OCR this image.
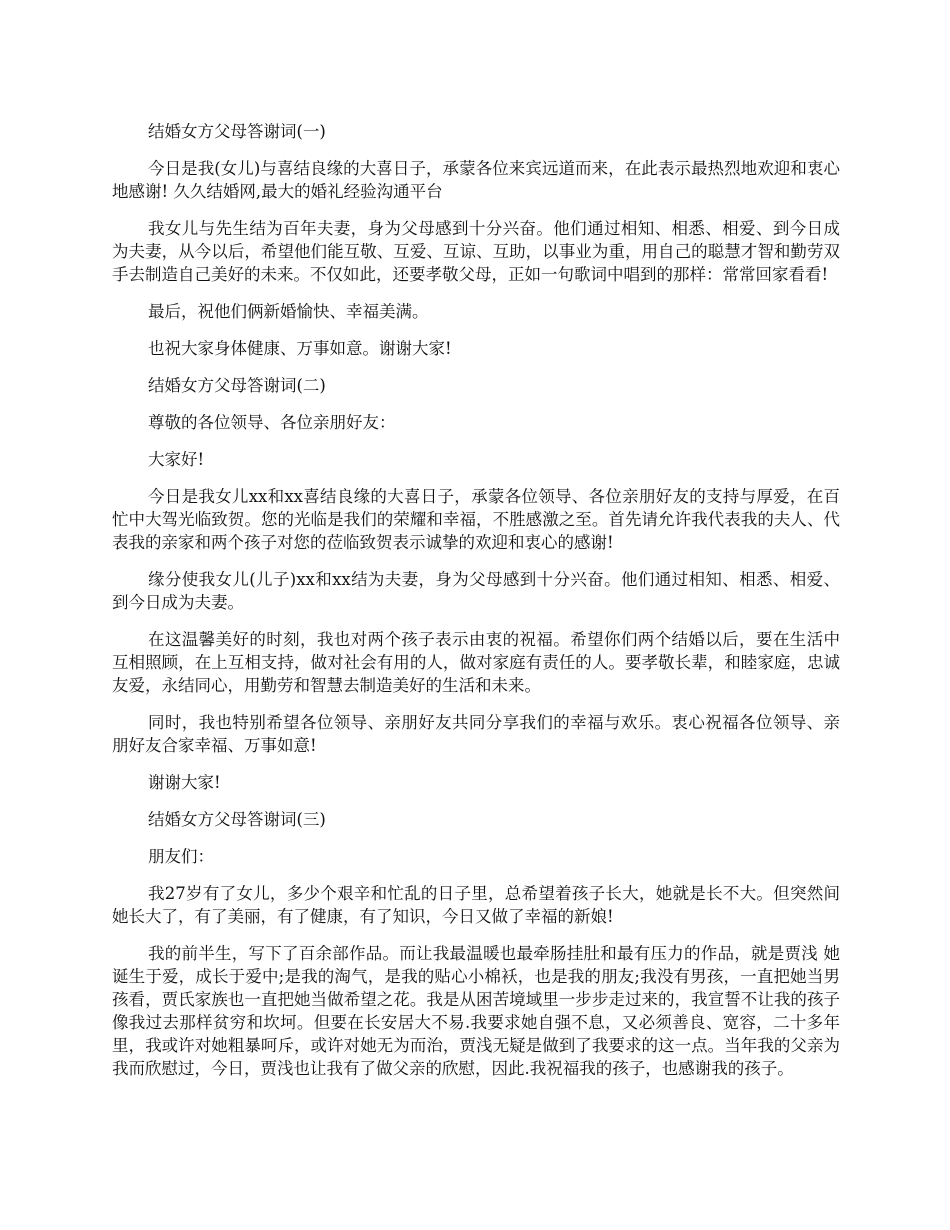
结婚女方父母答谢词(一)

今日是我(女儿)与喜结良缘的大喜日子，承蒙各位来宾远道而来，在此表示最热烈地欢迎和衷心地感谢! 久久结婚网,最大的婚礼经验沟通平台

我女儿与先生结为百年夫妻，身为父母感到十分兴奋。他们通过相知、相悉、相爱、到今日成为夫妻，从今以后，希望他们能互敬、互爱、互谅、互助，以事业为重，用自己的聪慧才智和勤劳双手去制造自己美好的未来。不仅如此，还要孝敬父母，正如一句歌词中唱到的那样：常常回家看看!

最后，祝他们俩新婚愉快、幸福美满。

也祝大家身体健康、万事如意。谢谢大家!

结婚女方父母答谢词(二)

尊敬的各位领导、各位亲朋好友：

大家好!

今日是我女儿xx和xx喜结良缘的大喜日子，承蒙各位领导、各位亲朋好友的支持与厚爱，在百忙中大驾光临致贺。您的光临是我们的荣耀和幸福，不胜感激之至。首先请允许我代表我的夫人、代表我的亲家和两个孩子对您的莅临致贺表示诚挚的欢迎和衷心的感谢!

缘分使我女儿(儿子)xx和xx结为夫妻，身为父母感到十分兴奋。他们通过相知、相悉、相爱、到今日成为夫妻。

在这温馨美好的时刻，我也对两个孩子表示由衷的祝福。希望你们两个结婚以后，要在生活中互相照顾，在上互相支持，做对社会有用的人，做对家庭有责任的人。要孝敬长辈，和睦家庭，忠诚友爱，永结同心，用勤劳和智慧去制造美好的生活和未来。

同时，我也特别希望各位领导、亲朋好友共同分享我们的幸福与欢乐。衷心祝福各位领导、亲朋好友合家幸福、万事如意!

谢谢大家!

结婚女方父母答谢词(三)

朋友们：

我27岁有了女儿，多少个艰辛和忙乱的日子里，总希望着孩子长大，她就是长不大。但突然间她长大了，有了美丽，有了健康，有了知识，今日又做了幸福的新娘!

我的前半生，写下了百余部作品。而让我最温暖也最牵肠挂肚和最有压力的作品，就是贾浅 她诞生于爱，成长于爱中;是我的淘气，是我的贴心小棉袄，也是我的朋友;我没有男孩，一直把她当男孩看，贾氏家族也一直把她当做希望之花。我是从困苦境域里一步步走过来的，我宣誓不让我的孩子像我过去那样贫穷和坎坷。但要在长安居大不易.我要求她自强不息，又必须善良、宽容，二十多年里，我或许对她粗暴呵斥，或许对她无为而治，贾浅无疑是做到了我要求的这一点。当年我的父亲为我而欣慰过，今日，贾浅也让我有了做父亲的欣慰，因此.我祝福我的孩子，也感谢我的孩子。
